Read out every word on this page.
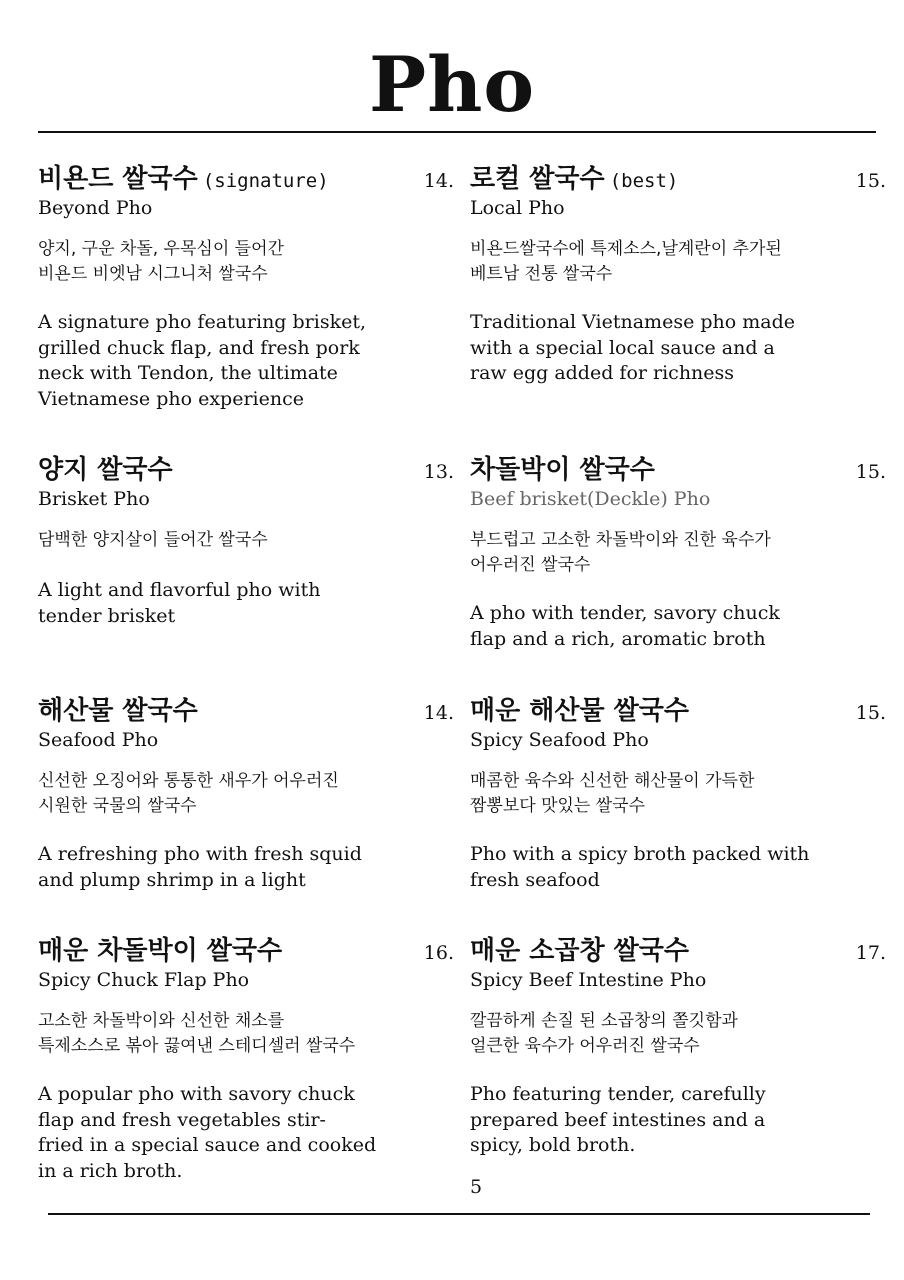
Pho
비욘드 쌀국수 (signature)	14.
Beyond Pho
양지, 구운 차돌, 우목심이 들어간
비욘드 비엣남 시그니처 쌀국수
A signature pho featuring brisket,
grilled chuck flap, and fresh pork
neck with Tendon, the ultimate
Vietnamese pho experience
로컬 쌀국수 (best)	15.
Local Pho
비욘드쌀국수에 특제소스,날계란이 추가된
베트남 전통 쌀국수
Traditional Vietnamese pho made
with a special local sauce and a
raw egg added for richness
양지 쌀국수	13.
Brisket Pho
담백한 양지살이 들어간 쌀국수
A light and flavorful pho with
tender brisket
차돌박이 쌀국수	15.
Beef brisket(Deckle) Pho
부드럽고 고소한 차돌박이와 진한 육수가
어우러진 쌀국수
A pho with tender, savory chuck
flap and a rich, aromatic broth
해산물 쌀국수	14.
Seafood Pho
신선한 오징어와 통통한 새우가 어우러진
시원한 국물의 쌀국수
A refreshing pho with fresh squid
and plump shrimp in a light
매운 해산물 쌀국수	15.
Spicy Seafood Pho
매콤한 육수와 신선한 해산물이 가득한
짬뽕보다 맛있는 쌀국수
Pho with a spicy broth packed with
fresh seafood
매운 차돌박이 쌀국수	16.
Spicy Chuck Flap Pho
고소한 차돌박이와 신선한 채소를
특제소스로 볶아 끓여낸 스테디셀러 쌀국수
A popular pho with savory chuck
flap and fresh vegetables stir-
fried in a special sauce and cooked
in a rich broth.
매운 소곱창 쌀국수	17.
Spicy Beef Intestine Pho
깔끔하게 손질 된 소곱창의 쫄깃함과
얼큰한 육수가 어우러진 쌀국수
Pho featuring tender, carefully
prepared beef intestines and a
spicy, bold broth.
5
